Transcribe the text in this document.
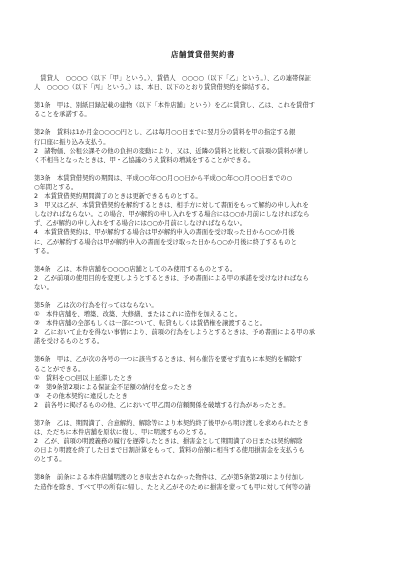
店舗賃貸借契約書
　賃貸人　○○○○（以下「甲」という。）、賃借人　○○○○（以下「乙」という。）、乙の連帯保証
人　○○○○（以下「丙」という。）は、本日、以下のとおり賃貸借契約を締結する。
第1条　甲は、別紙目録記載の建物（以下「本件店舗」という）を乙に賃貸し、乙は、これを賃借す
ることを承諾する。
第2条　賃料は1か月金○○○○円とし、乙は毎月○○日までに翌月分の賃料を甲の指定する銀
行口座に振り込み支払う。
2　諸物価、公租公課その他の負担の変動により、又は、近隣の賃料と比較して前項の賃料が著し
く不相当となったときは、甲・乙協議のうえ賃料の増減をすることができる。
第3条　本賃貸借契約の期間は、平成○○年○○月○○日から平成○○年○○月○○日までの○
○年間とする。
2　本賃貸借契約期間満了のときは更新できるものとする。
3　甲又は乙が、本賃貸借契約を解約するときは、相手方に対して書面をもって解約の申し入れを
しなければならない。この場合、甲が解約の申し入れをする場合には○○か月前にしなければなら
ず、乙が解約の申し入れをする場合には○○か月前にしなければならない。
4　本賃貸借契約は、甲が解約する場合は甲が解約申入の書面を受け取った日から○○か月後
に、乙が解約する場合は甲が解約申入の書面を受け取った日から○○か月後に終了するものと
する。
第4条　乙は、本件店舗を○○○○店舗としてのみ使用するものとする。
2　乙が前項の使用目的を変更しようとするときは、予め書面による甲の承諾を受けなければなら
ない。
第5条　乙は次の行為を行ってはならない。
①　本件店舗を、増築、改築、大修繕、またはこれに造作を加えること。
②　本件店舗の全部もしくは一部について、転貸もしくは賃借権を譲渡すること。
2　乙において止むを得ない事情により、前項の行為をしようとするときは、予め書面による甲の承
諾を受けるものとする。
第6条　甲は、乙が次の各号の一つに該当するときは、何ら催告を要せず直ちに本契約を解除す
ることができる。
①　賃料を○○回以上延滞したとき
②　第9条第2項による保証金不足額の納付を怠ったとき
③　その他本契約に違反したとき
2　前各号に掲げるものの他、乙において甲乙間の信頼関係を破壊する行為があったとき。
第7条　乙は、期間満了、合意解約、解除等により本契約終了後甲から明け渡しを求められたとき
は、ただちに本件店舗を原状に復し、甲に明渡すものとする。
2　乙が、前項の明渡義務の履行を遅滞したときは、損害金として期間満了の日または契約解除
の日より明渡を終了した日まで日割計算をもって、賃料の倍額に相当する使用損害金を支払うも
のとする。
第8条　前条による本件店舗明渡のとき収去されなかった物件は、乙が第5条第2項により付加し
た造作を除き、すべて甲の所有に帰し、たとえ乙がそのために損害を蒙っても甲に対して何等の請
